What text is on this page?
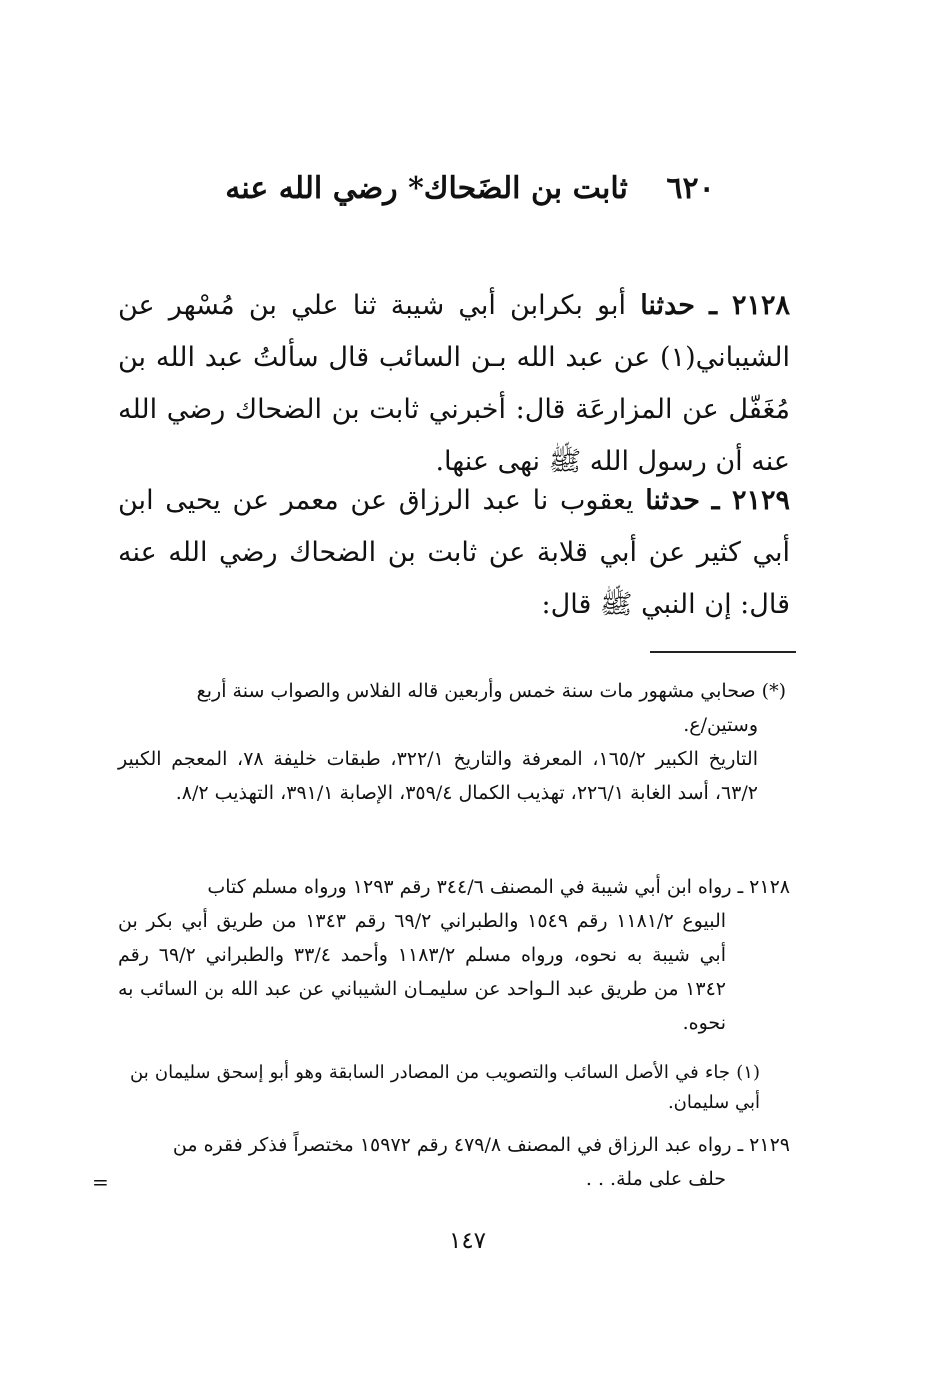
٦٢٠ ثابت بن الضَحاك* رضي الله عنه
٢١٢٨ ـ حدثنا أبو بكرابن أبي شيبة ثنا علي بن مُسْهر عن الشيباني(١) عن عبد الله بـن السائب قال سألتُ عبد الله بن مُغَفّل عن المزارعَة قال: أخبرني ثابت بن الضحاك رضي الله عنه أن رسول الله ﷺ نهى عنها.
٢١٢٩ ـ حدثنا يعقوب نا عبد الرزاق عن معمر عن يحيى ابن أبي كثير عن أبي قلابة عن ثابت بن الضحاك رضي الله عنه قال: إن النبي ﷺ قال:
(*) صحابي مشهور مات سنة خمس وأربعين قاله الفلاس والصواب سنة أربع
وستين/ع.
التاريخ الكبير ١٦٥/٢، المعرفة والتاريخ ٣٢٢/١، طبقات خليفة ٧٨، المعجم الكبير ٦٣/٢، أسد الغابة ٢٢٦/١، تهذيب الكمال ٣٥٩/٤، الإصابة ٣٩١/١، التهذيب ٨/٢.
٢١٢٨ ـ رواه ابن أبي شيبة في المصنف ٣٤٤/٦ رقم ١٢٩٣ ورواه مسلم كتاب
البيوع ١١٨١/٢ رقم ١٥٤٩ والطبراني ٦٩/٢ رقم ١٣٤٣ من طريق أبي بكر بن أبي شيبة به نحوه، ورواه مسلم ١١٨٣/٢ وأحمد ٣٣/٤ والطبراني ٦٩/٢ رقم ١٣٤٢ من طريق عبد الـواحد عن سليمـان الشيباني عن عبد الله بن السائب به نحوه.
(١) جاء في الأصل السائب والتصويب من المصادر السابقة وهو أبو إسحق سليمان بن أبي سليمان.
٢١٢٩ ـ رواه عبد الرزاق في المصنف ٤٧٩/٨ رقم ١٥٩٧٢ مختصراً فذكر فقره من
حلف على ملة. . .
=
١٤٧
